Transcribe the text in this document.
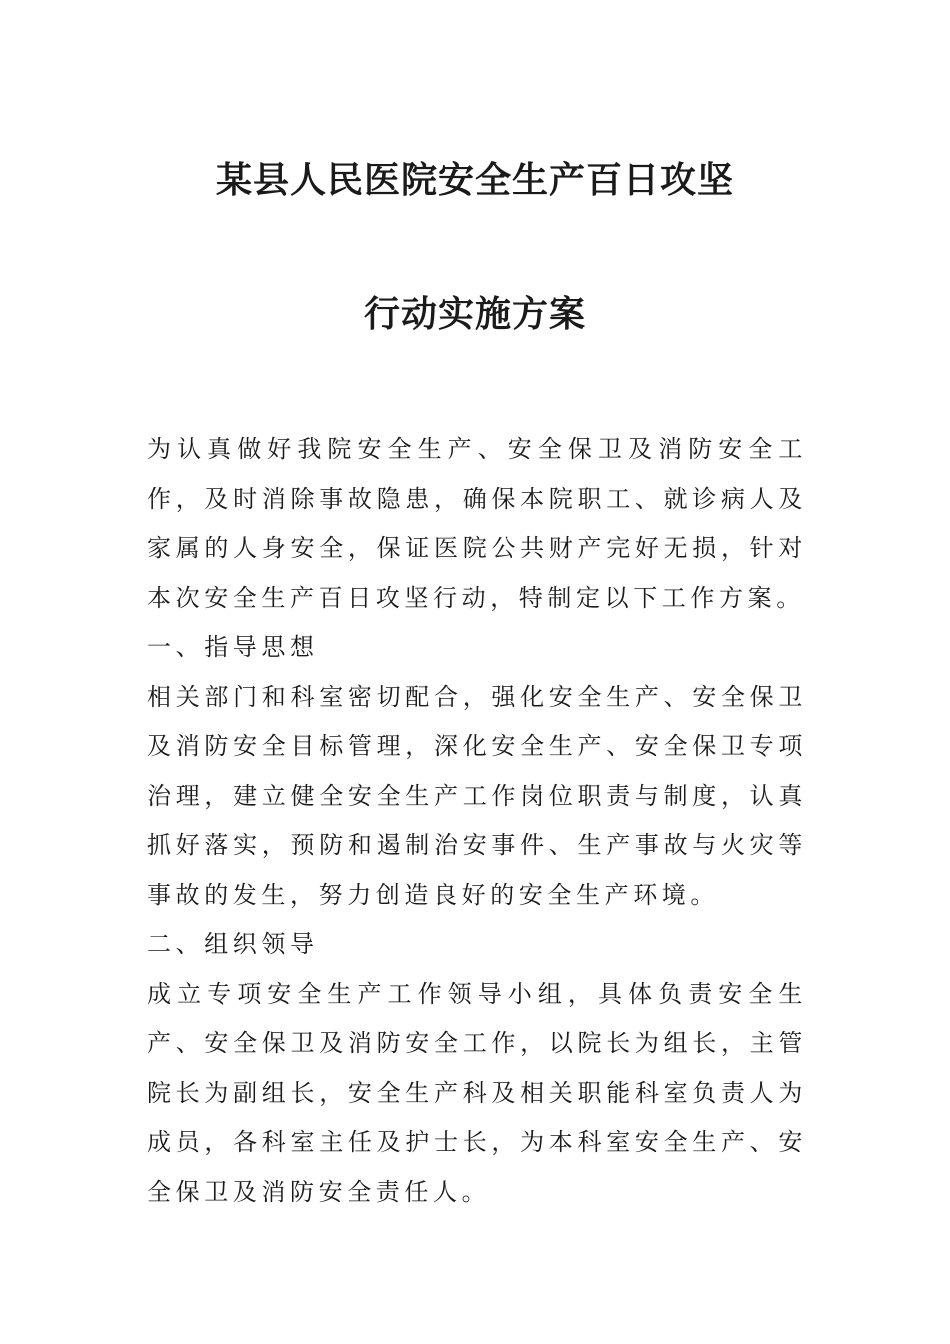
某县人民医院安全生产百日攻坚
行动实施方案

为认真做好我院安全生产、安全保卫及消防安全工作，及时消除事故隐患，确保本院职工、就诊病人及家属的人身安全，保证医院公共财产完好无损，针对本次安全生产百日攻坚行动，特制定以下工作方案。

一、指导思想

相关部门和科室密切配合，强化安全生产、安全保卫及消防安全目标管理，深化安全生产、安全保卫专项治理，建立健全安全生产工作岗位职责与制度，认真抓好落实，预防和遏制治安事件、生产事故与火灾等事故的发生，努力创造良好的安全生产环境。

二、组织领导

成立专项安全生产工作领导小组，具体负责安全生产、安全保卫及消防安全工作，以院长为组长，主管院长为副组长，安全生产科及相关职能科室负责人为成员，各科室主任及护士长，为本科室安全生产、安全保卫及消防安全责任人。
